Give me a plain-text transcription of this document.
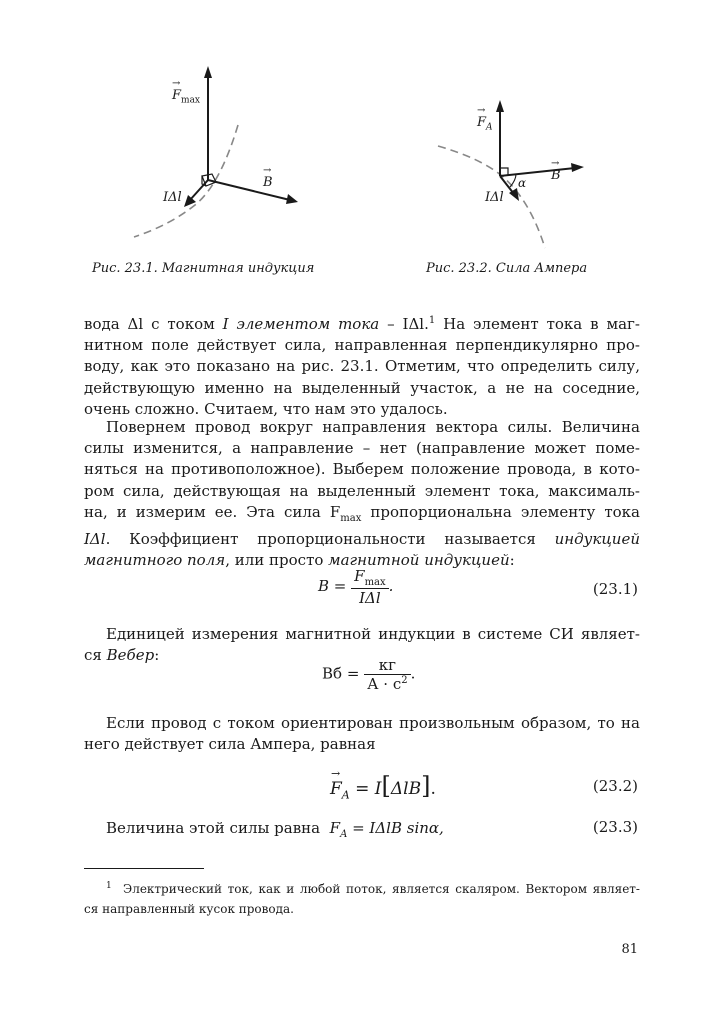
→
$F_{max}$
→
B
IΔl
Рис. 23.1. Магнитная индукция
→
$F_A$
→
B
α
IΔl
Рис. 23.2. Сила Ампера
вода Δl с током I элементом тока – IΔl.$^1$ На элемент тока в маг-
нитном поле действует сила, направленная перпендикулярно про-
воду, как это показано на рис. 23.1. Отметим, что определить силу,
действующую именно на выделенный участок, а не на соседние,
очень сложно. Считаем, что нам это удалось.
Повернем провод вокруг направления вектора силы. Величина
силы изменится, а направление – нет (направление может поме-
няться на противоположное). Выберем положение провода, в кото-
ром сила, действующая на выделенный элемент тока, максималь-
на, и измерим ее. Эта сила $F_{max}$ пропорциональна элементу тока
IΔl. Коэффициент пропорциональности называется индукцией
магнитного поля, или просто магнитной индукцией:
$B = \frac{F_{max}}{\text{IΔl}}$ .	(23.1)
Единицей измерения магнитной индукции в системе СИ являет-
ся Вебер:
Вб = $\frac{кг}{А \cdot с^2}$ .
Если провод с током ориентирован произвольным образом, то на
него действует сила Ампера, равная
→
$F_A = I[\Delta lB]$.	(23.2)
Величина этой силы равна $F_A = I\Delta lB$ sinα,	(23.3)
$^1$ Электрический ток, как и любой поток, является скаляром. Вектором являет-
ся направленный кусок провода.
81
